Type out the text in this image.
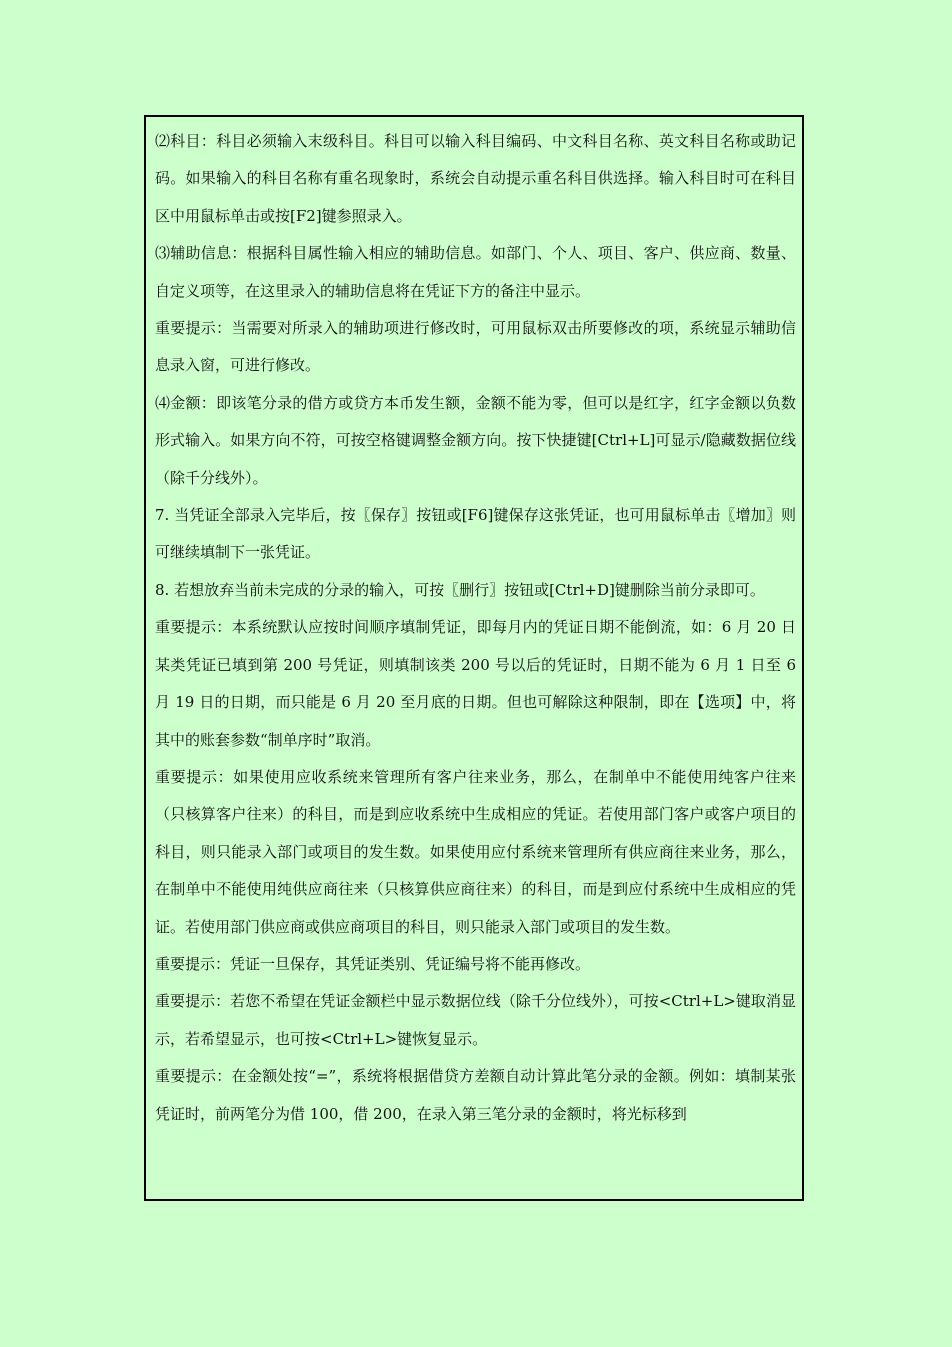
⑵科目：科目必须输入末级科目。科目可以输入科目编码、中文科目名称、英文科目名称或助记码。如果输入的科目名称有重名现象时，系统会自动提示重名科目供选择。输入科目时可在科目区中用鼠标单击或按[F2]键参照录入。

⑶辅助信息：根据科目属性输入相应的辅助信息。如部门、个人、项目、客户、供应商、数量、自定义项等，在这里录入的辅助信息将在凭证下方的备注中显示。

重要提示：当需要对所录入的辅助项进行修改时，可用鼠标双击所要修改的项，系统显示辅助信息录入窗，可进行修改。

⑷金额：即该笔分录的借方或贷方本币发生额，金额不能为零，但可以是红字，红字金额以负数形式输入。如果方向不符，可按空格键调整金额方向。按下快捷键[Ctrl+L]可显示/隐藏数据位线（除千分线外）。

7. 当凭证全部录入完毕后，按〖保存〗按钮或[F6]键保存这张凭证，也可用鼠标单击〖增加〗则可继续填制下一张凭证。

8. 若想放弃当前未完成的分录的输入，可按〖删行〗按钮或[Ctrl+D]键删除当前分录即可。

重要提示：本系统默认应按时间顺序填制凭证，即每月内的凭证日期不能倒流，如：6 月 20 日某类凭证已填到第 200 号凭证，则填制该类 200 号以后的凭证时，日期不能为 6 月 1 日至 6 月 19 日的日期，而只能是 6 月 20 至月底的日期。但也可解除这种限制，即在【选项】中，将其中的账套参数“制单序时”取消。

重要提示：如果使用应收系统来管理所有客户往来业务，那么，在制单中不能使用纯客户往来（只核算客户往来）的科目，而是到应收系统中生成相应的凭证。若使用部门客户或客户项目的科目，则只能录入部门或项目的发生数。如果使用应付系统来管理所有供应商往来业务，那么，在制单中不能使用纯供应商往来（只核算供应商往来）的科目，而是到应付系统中生成相应的凭证。若使用部门供应商或供应商项目的科目，则只能录入部门或项目的发生数。

重要提示：凭证一旦保存，其凭证类别、凭证编号将不能再修改。

重要提示：若您不希望在凭证金额栏中显示数据位线（除千分位线外），可按<Ctrl+L>键取消显示，若希望显示，也可按<Ctrl+L>键恢复显示。

重要提示：在金额处按“=”，系统将根据借贷方差额自动计算此笔分录的金额。例如：填制某张凭证时，前两笔分为借 100，借 200，在录入第三笔分录的金额时，将光标移到
